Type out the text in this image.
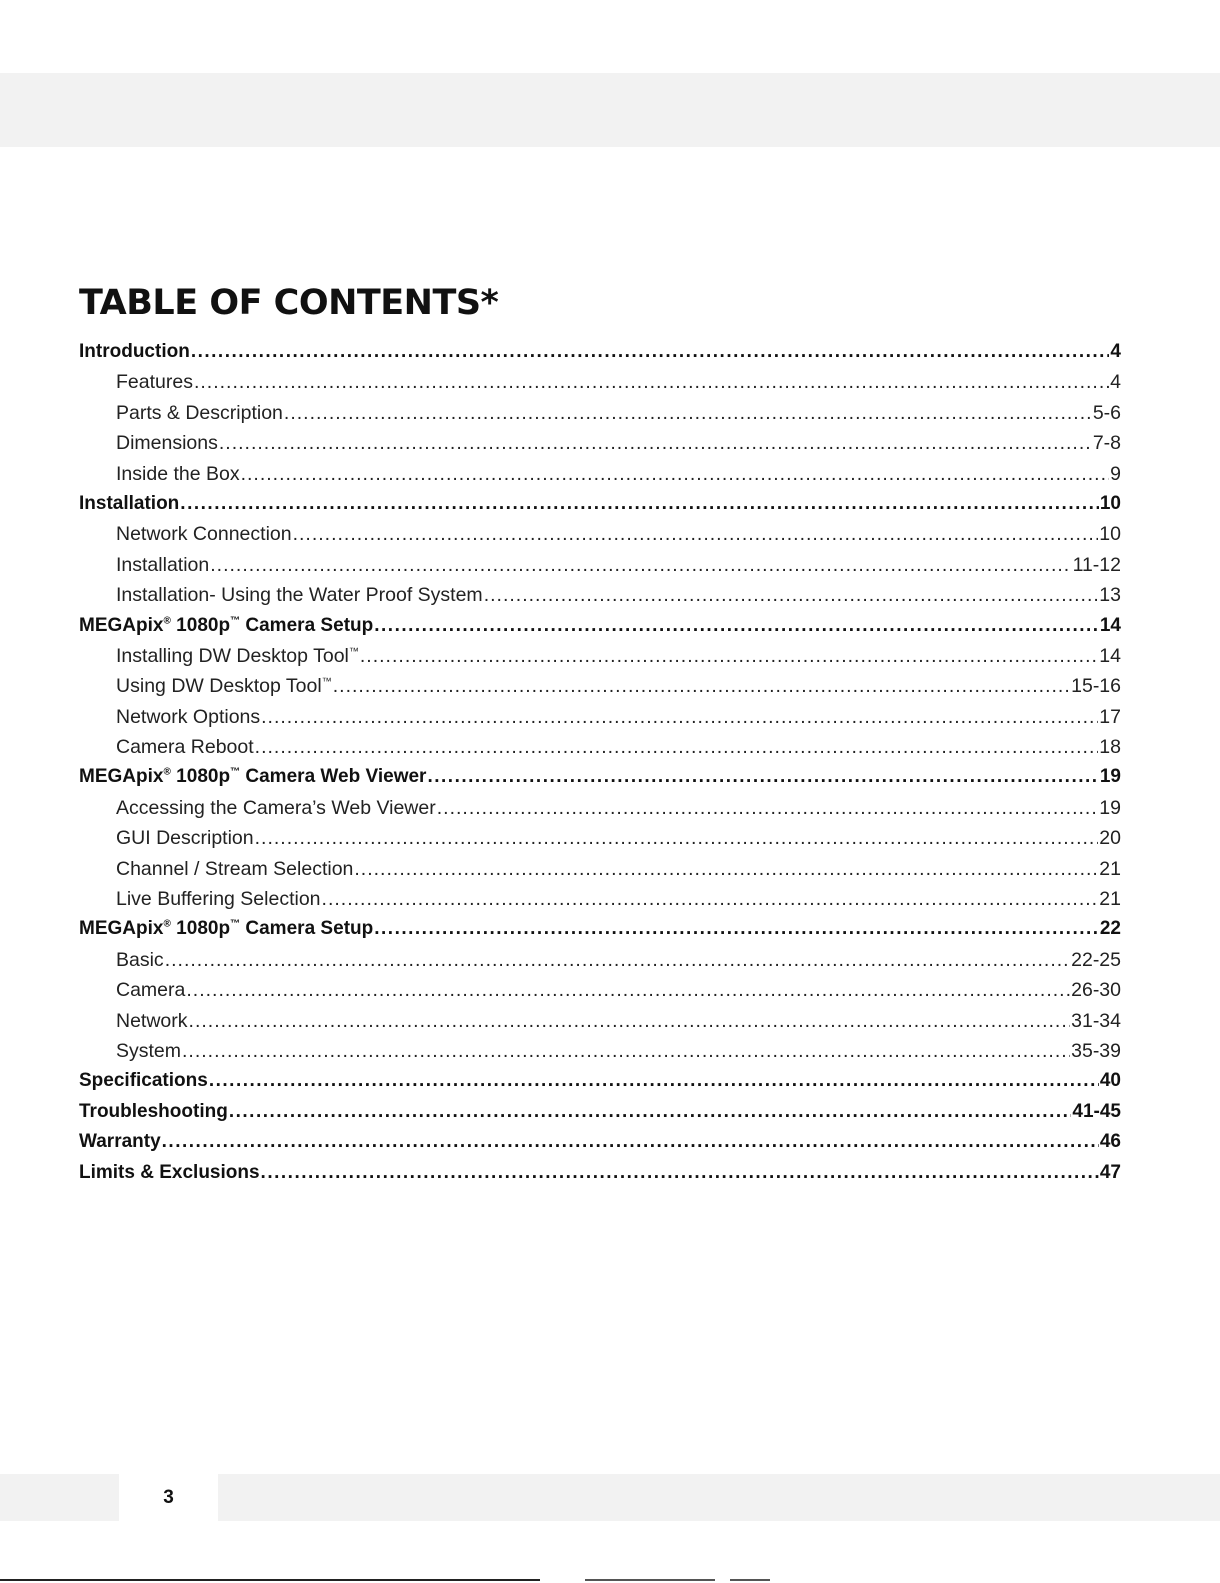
TABLE OF CONTENTS*
Introduction .....	4
Features .....	4
Parts & Description .....	5-6
Dimensions .....	7-8
Inside the Box .....	9
Installation .....	10
Network Connection .....	10
Installation .....	11-12
Installation- Using the Water Proof System .....	13
MEGApix® 1080p™ Camera Setup .....	14
Installing DW Desktop Tool™ .....	14
Using DW Desktop Tool™ .....	15-16
Network Options .....	17
Camera Reboot .....	18
MEGApix® 1080p™ Camera Web Viewer .....	19
Accessing the Camera’s Web Viewer .....	19
GUI Description .....	20
Channel / Stream Selection .....	21
Live Buffering Selection .....	21
MEGApix® 1080p™ Camera Setup .....	22
Basic .....	22-25
Camera .....	26-30
Network .....	31-34
System .....	35-39
Specifications .....	40
Troubleshooting .....	41-45
Warranty .....	46
Limits & Exclusions .....	47
3
